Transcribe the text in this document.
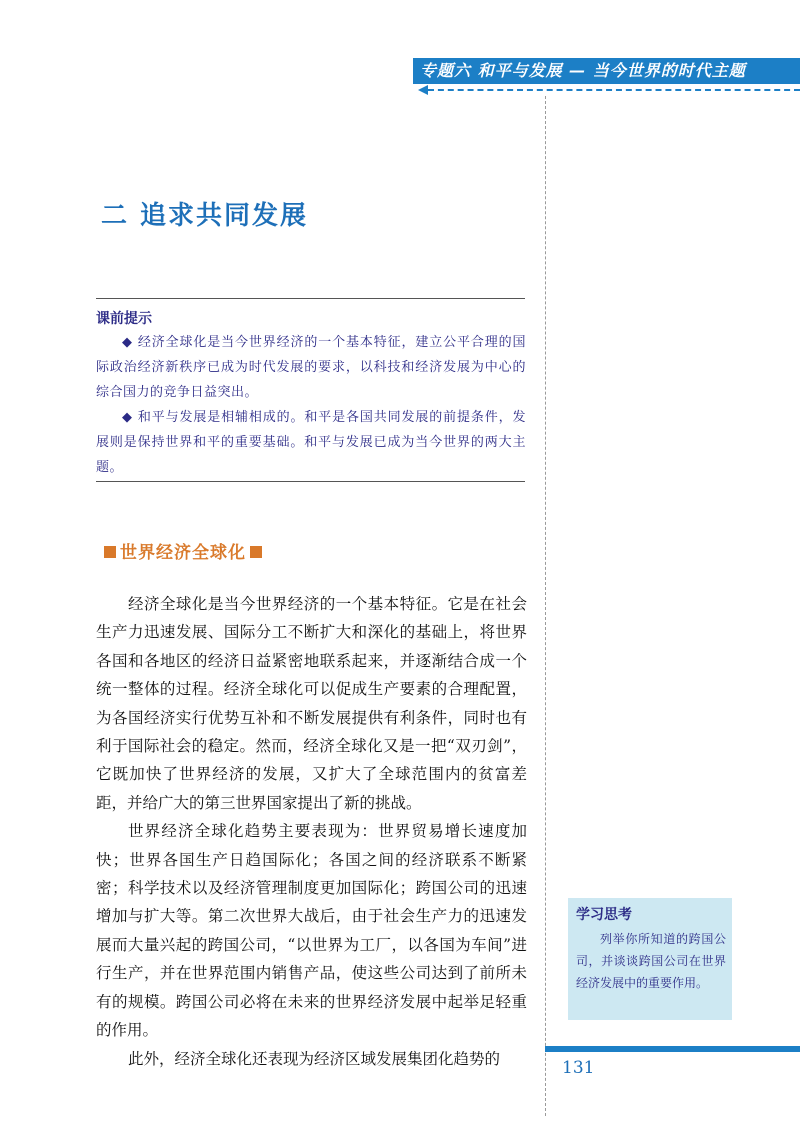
专题六 和平与发展 — 当今世界的时代主题
二 追求共同发展
课前提示

◆ 经济全球化是当今世界经济的一个基本特征，建立公平合理的国际政治经济新秩序已成为时代发展的要求，以科技和经济发展为中心的综合国力的竞争日益突出。

◆ 和平与发展是相辅相成的。和平是各国共同发展的前提条件，发展则是保持世界和平的重要基础。和平与发展已成为当今世界的两大主题。

世界经济全球化

经济全球化是当今世界经济的一个基本特征。它是在社会生产力迅速发展、国际分工不断扩大和深化的基础上，将世界各国和各地区的经济日益紧密地联系起来，并逐渐结合成一个统一整体的过程。经济全球化可以促成生产要素的合理配置，为各国经济实行优势互补和不断发展提供有利条件，同时也有利于国际社会的稳定。然而，经济全球化又是一把“双刃剑”，它既加快了世界经济的发展，又扩大了全球范围内的贫富差距，并给广大的第三世界国家提出了新的挑战。

世界经济全球化趋势主要表现为：世界贸易增长速度加快；世界各国生产日趋国际化；各国之间的经济联系不断紧密；科学技术以及经济管理制度更加国际化；跨国公司的迅速增加与扩大等。第二次世界大战后，由于社会生产力的迅速发展而大量兴起的跨国公司，“以世界为工厂，以各国为车间”进行生产，并在世界范围内销售产品，使这些公司达到了前所未有的规模。跨国公司必将在未来的世界经济发展中起举足轻重的作用。

此外，经济全球化还表现为经济区域发展集团化趋势的

学习思考
列举你所知道的跨国公司，并谈谈跨国公司在世界经济发展中的重要作用。
131
